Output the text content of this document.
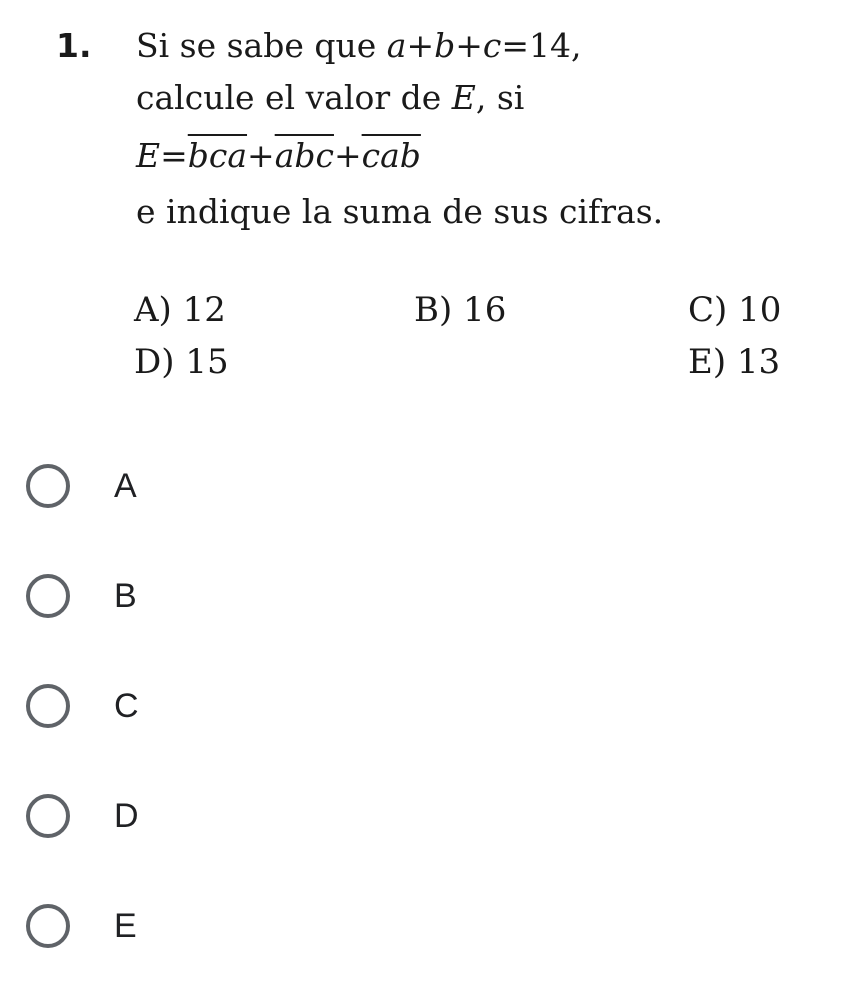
1. Si se sabe que a+b+c=14,
calcule el valor de E, si
$E=\overline{bca}+\overline{abc}+\overline{cab}$
e indique la suma de sus cifras.
A) 12	B) 16	C) 10
D) 15	E) 13
A
B
C
D
E
